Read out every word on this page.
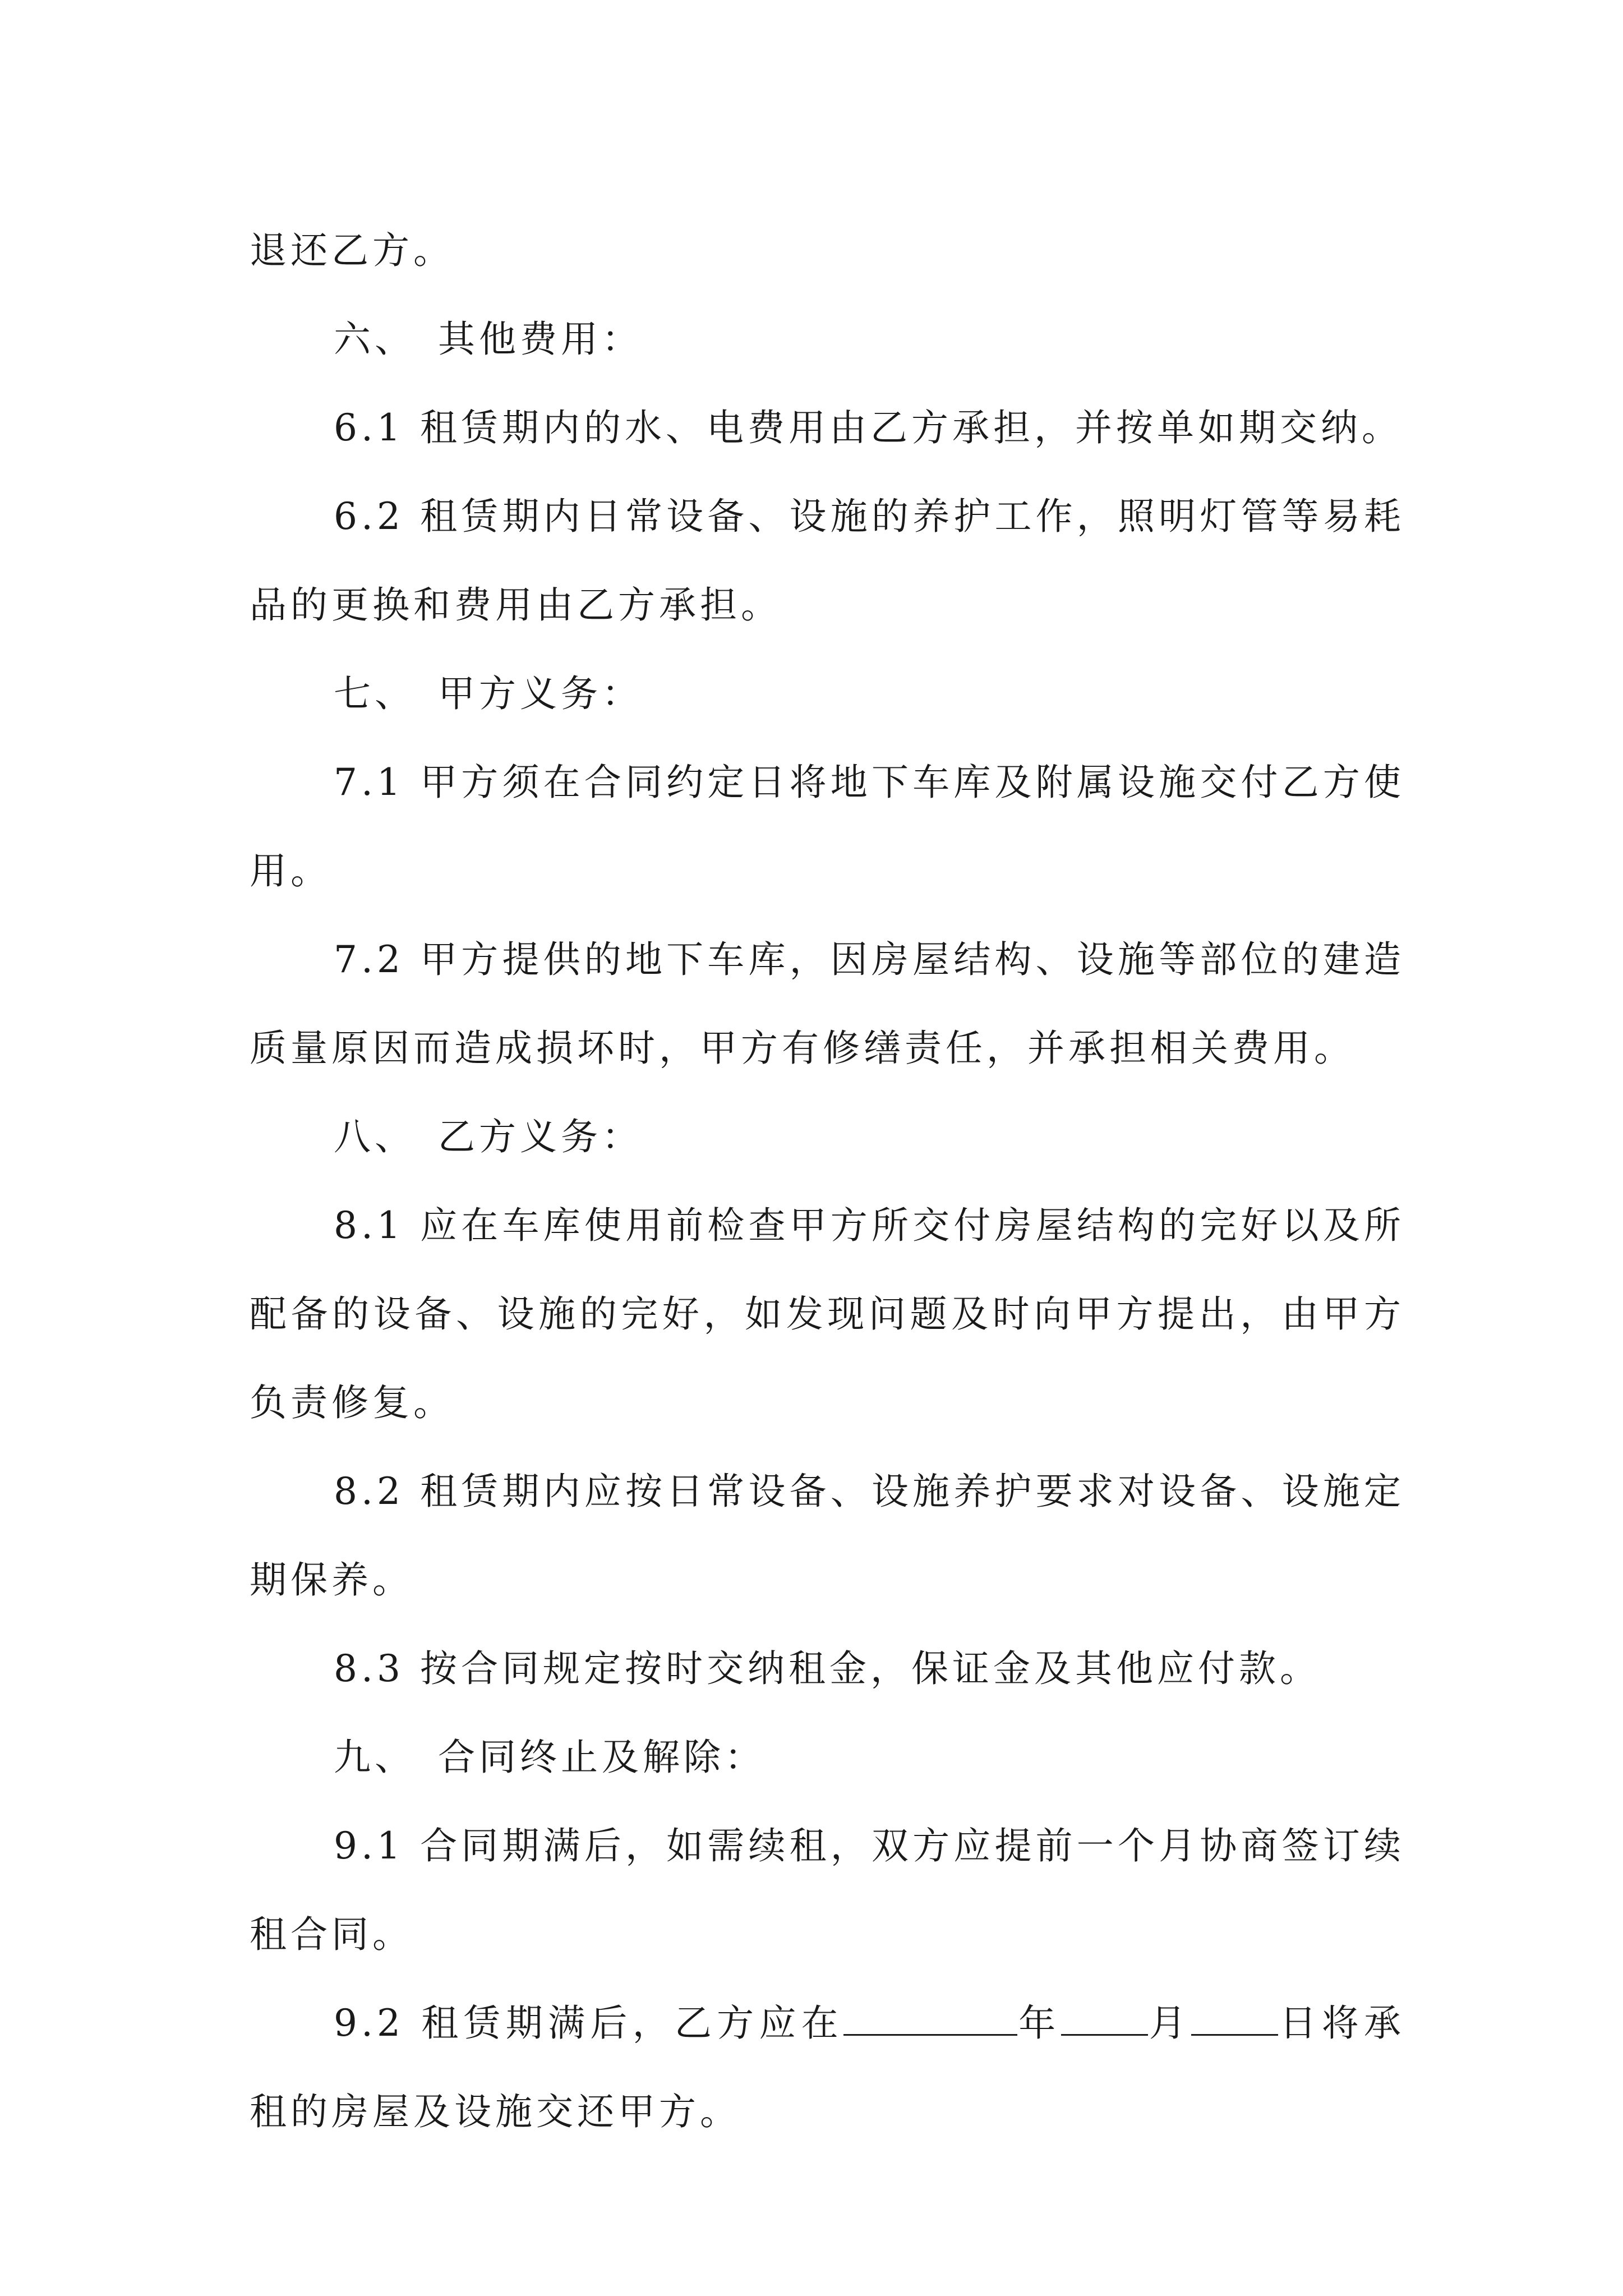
退还乙方。

六、 其他费用：

6.1 租赁期内的水、电费用由乙方承担，并按单如期交纳。

6.2 租赁期内日常设备、设施的养护工作，照明灯管等易耗品的更换和费用由乙方承担。

七、 甲方义务：

7.1 甲方须在合同约定日将地下车库及附属设施交付乙方使用。

7.2 甲方提供的地下车库，因房屋结构、设施等部位的建造质量原因而造成损坏时，甲方有修缮责任，并承担相关费用。

八、 乙方义务：

8.1 应在车库使用前检查甲方所交付房屋结构的完好以及所配备的设备、设施的完好，如发现问题及时向甲方提出，由甲方负责修复。

8.2 租赁期内应按日常设备、设施养护要求对设备、设施定期保养。

8.3 按合同规定按时交纳租金，保证金及其他应付款。

九、 合同终止及解除：

9.1 合同期满后，如需续租，双方应提前一个月协商签订续租合同。

9.2 租赁期满后，乙方应在	年 月 日将承租的房屋及设施交还甲方。
